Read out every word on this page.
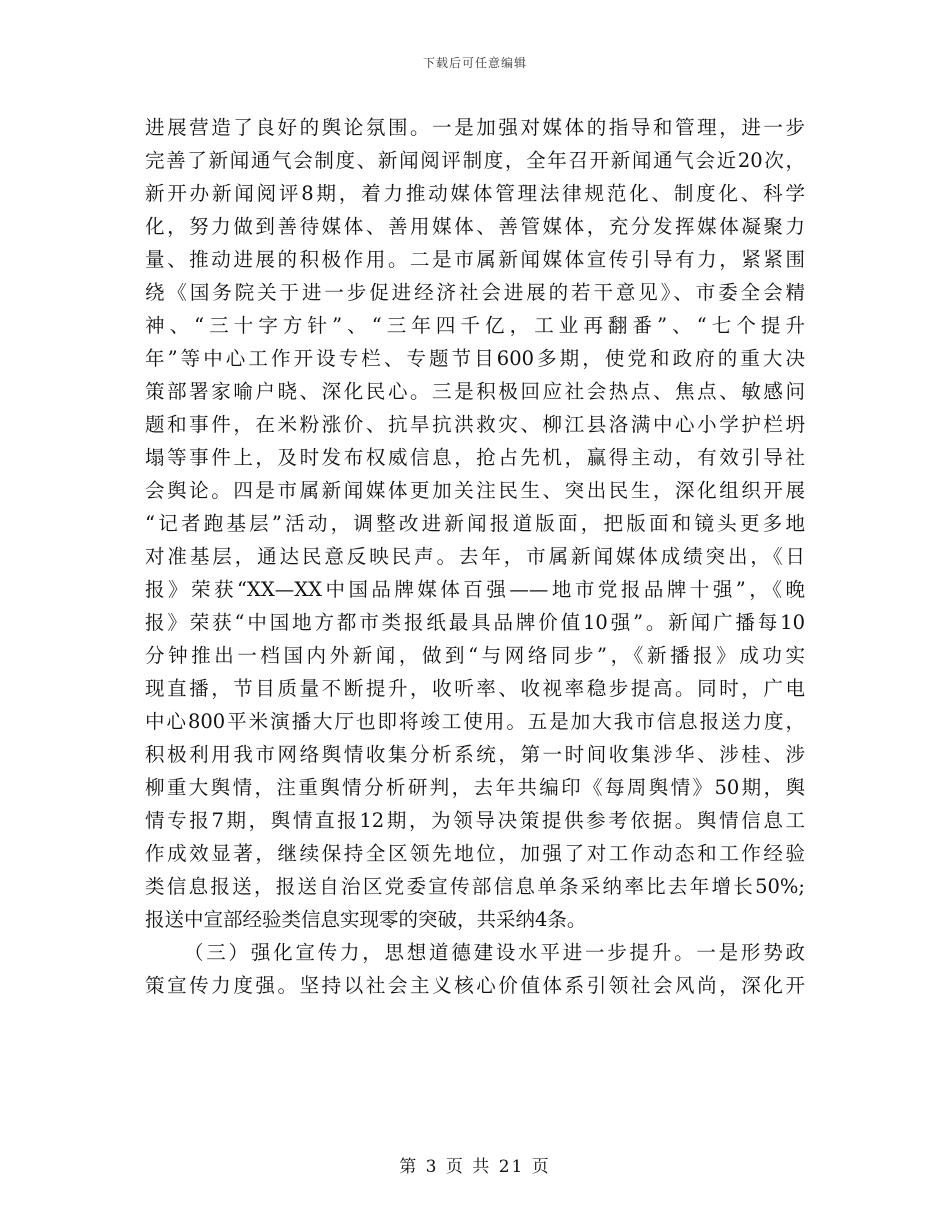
下载后可任意编辑
进展营造了良好的舆论氛围。一是加强对媒体的指导和管理，进一步
完善了新闻通气会制度、新闻阅评制度，全年召开新闻通气会近20次，
新开办新闻阅评8期，着力推动媒体管理法律规范化、制度化、科学
化，努力做到善待媒体、善用媒体、善管媒体，充分发挥媒体凝聚力
量、推动进展的积极作用。二是市属新闻媒体宣传引导有力，紧紧围
绕《国务院关于进一步促进经济社会进展的若干意见》、市委全会精
神、“三十字方针”、“三年四千亿，工业再翻番”、“七个提升
年”等中心工作开设专栏、专题节目600多期，使党和政府的重大决
策部署家喻户晓、深化民心。三是积极回应社会热点、焦点、敏感问
题和事件，在米粉涨价、抗旱抗洪救灾、柳江县洛满中心小学护栏坍
塌等事件上，及时发布权威信息，抢占先机，赢得主动，有效引导社
会舆论。四是市属新闻媒体更加关注民生、突出民生，深化组织开展
“记者跑基层”活动，调整改进新闻报道版面，把版面和镜头更多地
对准基层，通达民意反映民声。去年，市属新闻媒体成绩突出，《日
报》荣获“XX—XX中国品牌媒体百强——地市党报品牌十强”，《晚
报》荣获“中国地方都市类报纸最具品牌价值10强”。新闻广播每10
分钟推出一档国内外新闻，做到“与网络同步”，《新播报》成功实
现直播，节目质量不断提升，收听率、收视率稳步提高。同时，广电
中心800平米演播大厅也即将竣工使用。五是加大我市信息报送力度，
积极利用我市网络舆情收集分析系统，第一时间收集涉华、涉桂、涉
柳重大舆情，注重舆情分析研判，去年共编印《每周舆情》50期，舆
情专报7期，舆情直报12期，为领导决策提供参考依据。舆情信息工
作成效显著，继续保持全区领先地位，加强了对工作动态和工作经验
类信息报送，报送自治区党委宣传部信息单条采纳率比去年增长50%;
报送中宣部经验类信息实现零的突破，共采纳4条。
（三）强化宣传力，思想道德建设水平进一步提升。一是形势政
策宣传力度强。坚持以社会主义核心价值体系引领社会风尚，深化开
第 3 页 共 21 页
